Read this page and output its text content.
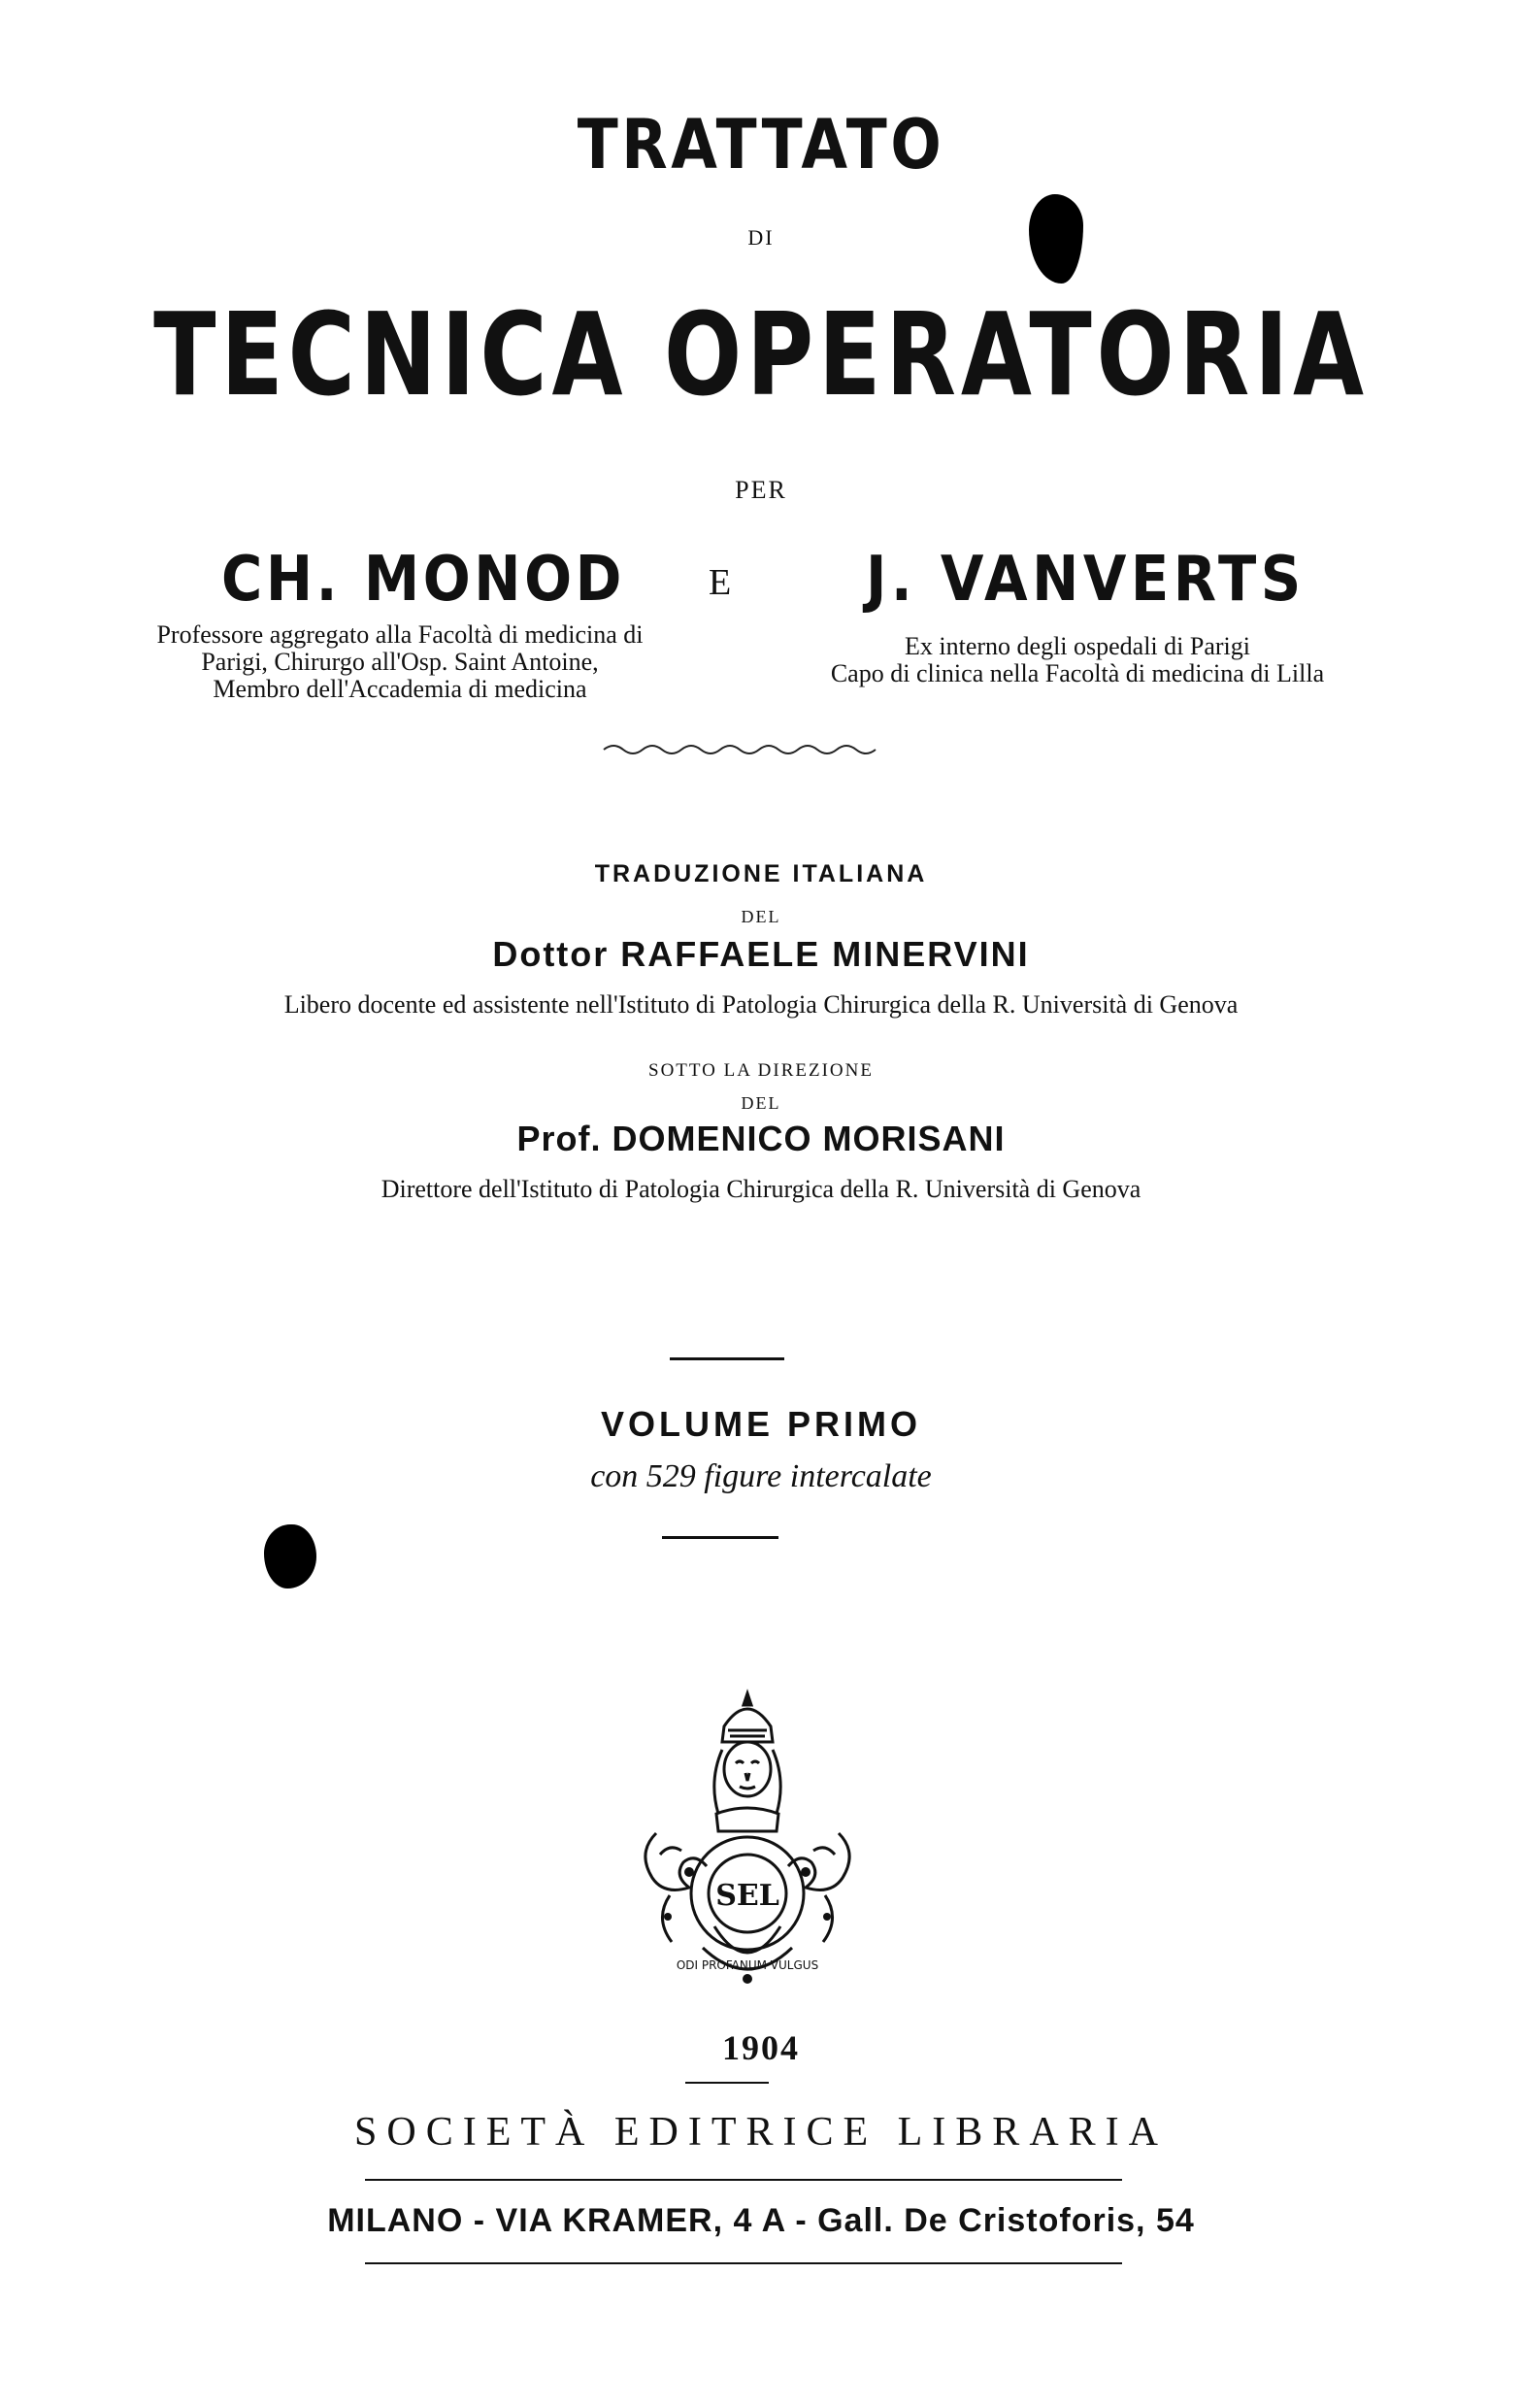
TRATTATO
DI
TECNICA OPERATORIA
PER
CH. MONOD E J. VANVERTS
Professore aggregato alla Facoltà di medicina di
Parigi, Chirurgo all'Osp. Saint Antoine,
Membro dell'Accademia di medicina
Ex interno degli ospedali di Parigi
Capo di clinica nella Facoltà di medicina di Lilla
TRADUZIONE ITALIANA
DEL
Dottor RAFFAELE MINERVINI
Libero docente ed assistente nell'Istituto di Patologia Chirurgica della R. Università di Genova
SOTTO LA DIREZIONE
DEL
Prof. DOMENICO MORISANI
Direttore dell'Istituto di Patologia Chirurgica della R. Università di Genova
VOLUME PRIMO
con 529 figure intercalate
SEL
ODI PROFANUM VULGUS
1904
SOCIETÀ EDITRICE LIBRARIA
MILANO - VIA KRAMER, 4 A - Gall. De Cristoforis, 54
